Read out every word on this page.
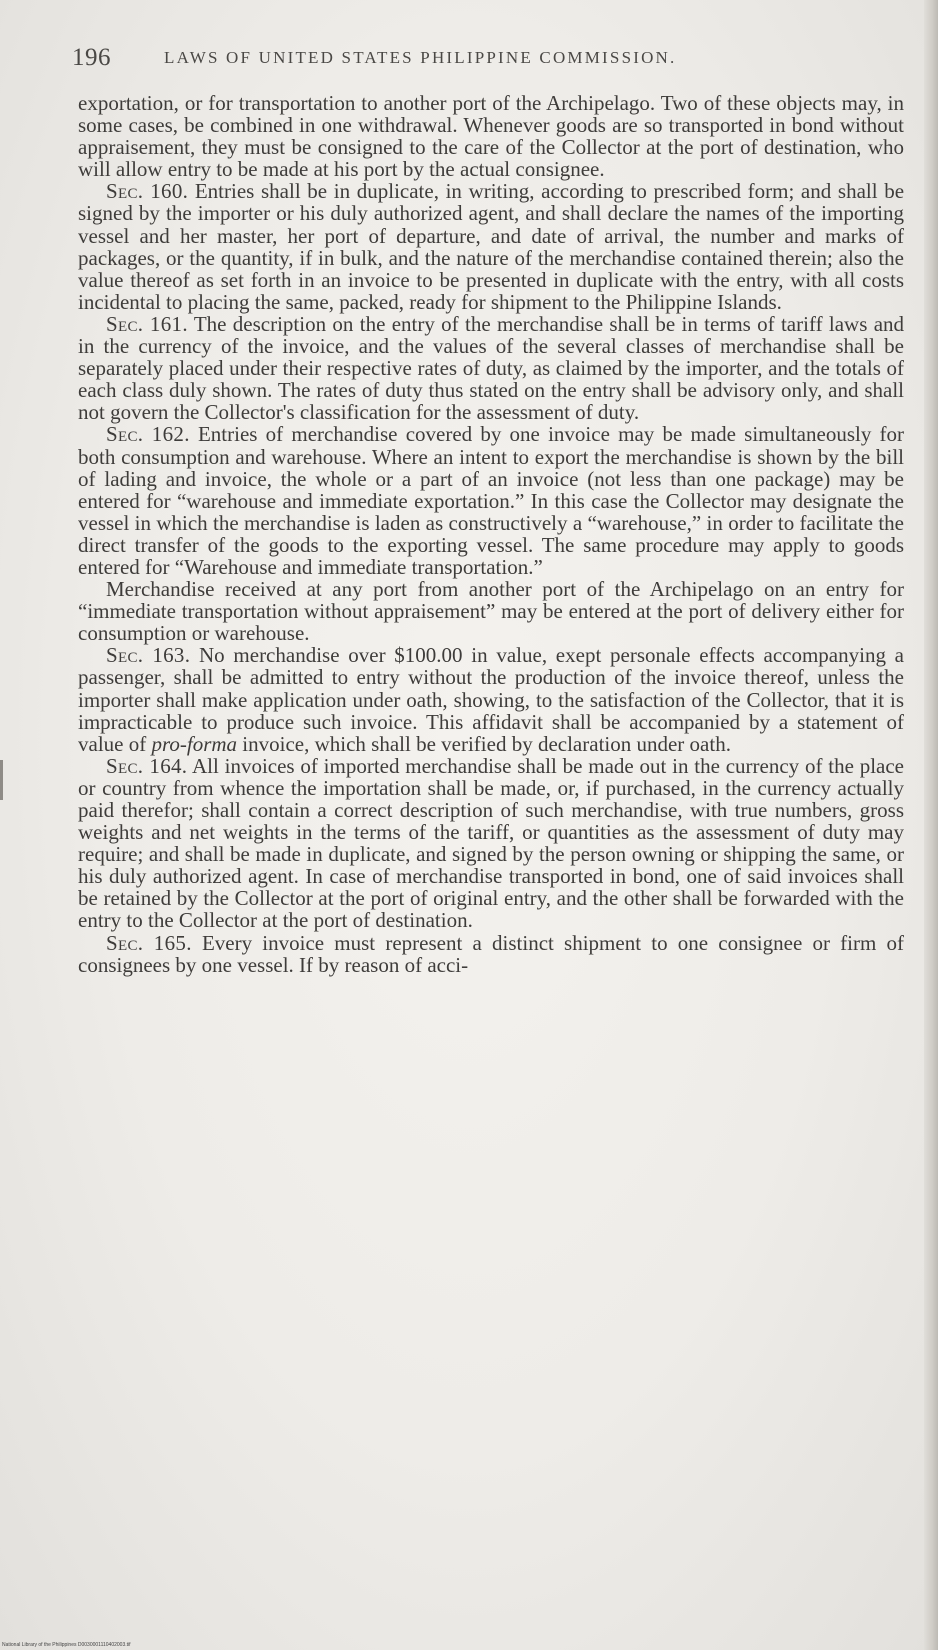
196	LAWS OF UNITED STATES PHILIPPINE COMMISSION.

exportation, or for transportation to another port of the Archipelago. Two of these objects may, in some cases, be combined in one withdrawal. Whenever goods are so transported in bond without appraisement, they must be consigned to the care of the Collector at the port of destination, who will allow entry to be made at his port by the actual consignee.

Sec. 160. Entries shall be in duplicate, in writing, according to prescribed form; and shall be signed by the importer or his duly authorized agent, and shall declare the names of the importing vessel and her master, her port of departure, and date of arrival, the number and marks of packages, or the quantity, if in bulk, and the nature of the merchandise contained therein; also the value thereof as set forth in an invoice to be presented in duplicate with the entry, with all costs incidental to placing the same, packed, ready for shipment to the Philippine Islands.

Sec. 161. The description on the entry of the merchandise shall be in terms of tariff laws and in the currency of the invoice, and the values of the several classes of merchandise shall be separately placed under their respective rates of duty, as claimed by the importer, and the totals of each class duly shown. The rates of duty thus stated on the entry shall be advisory only, and shall not govern the Collector's classification for the assessment of duty.

Sec. 162. Entries of merchandise covered by one invoice may be made simultaneously for both consumption and warehouse. Where an intent to export the merchandise is shown by the bill of lading and invoice, the whole or a part of an invoice (not less than one package) may be entered for “warehouse and immediate exportation.” In this case the Collector may designate the vessel in which the merchandise is laden as constructively a “warehouse,” in order to facilitate the direct transfer of the goods to the exporting vessel. The same procedure may apply to goods entered for “Warehouse and immediate transportation.”

Merchandise received at any port from another port of the Archipelago on an entry for “immediate transportation without appraisement” may be entered at the port of delivery either for consumption or warehouse.

Sec. 163. No merchandise over $100.00 in value, exept personale effects accompanying a passenger, shall be admitted to entry without the production of the invoice thereof, unless the importer shall make application under oath, showing, to the satisfaction of the Collector, that it is impracticable to produce such invoice. This affidavit shall be accompanied by a statement of value of pro-forma invoice, which shall be verified by declaration under oath.

Sec. 164. All invoices of imported merchandise shall be made out in the currency of the place or country from whence the importation shall be made, or, if purchased, in the currency actually paid therefor; shall contain a correct description of such merchandise, with true numbers, gross weights and net weights in the terms of the tariff, or quantities as the assessment of duty may require; and shall be made in duplicate, and signed by the person owning or shipping the same, or his duly authorized agent. In case of merchandise transported in bond, one of said invoices shall be retained by the Collector at the port of original entry, and the other shall be forwarded with the entry to the Collector at the port of destination.

Sec. 165. Every invoice must represent a distinct shipment to one consignee or firm of consignees by one vessel. If by reason of acci-

National Library of the Philippines D0030001110402003.tif
